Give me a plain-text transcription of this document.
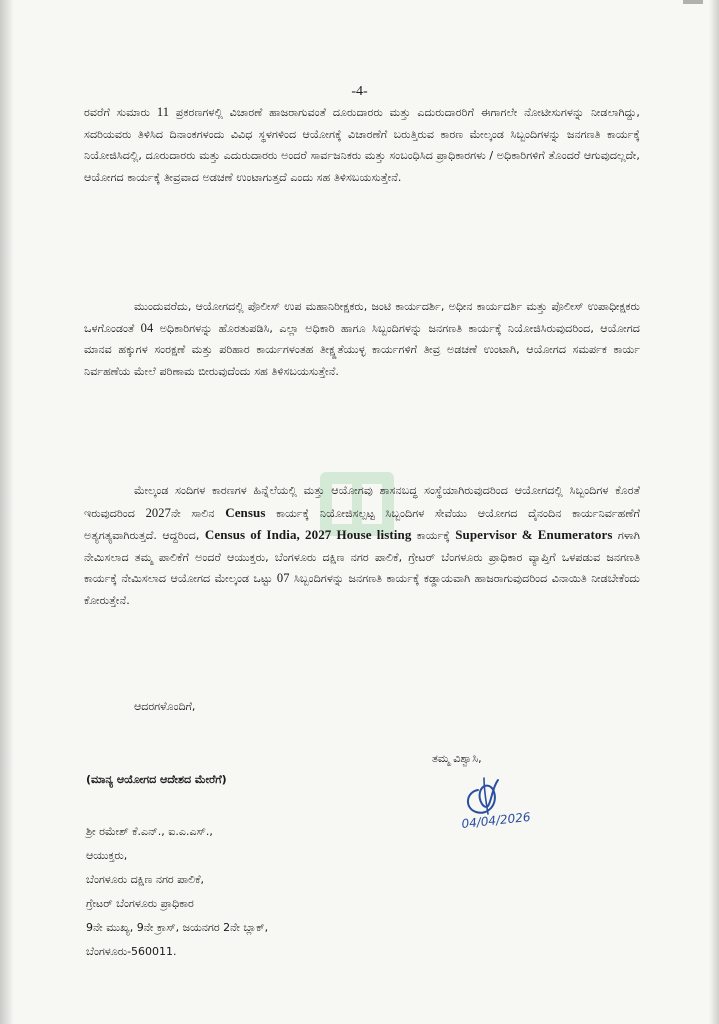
-4-

ರವರೆಗೆ ಸುಮಾರು 11 ಪ್ರಕರಣಗಳಲ್ಲಿ ವಿಚಾರಣೆ ಹಾಜರಾಗುವಂತೆ ದೂರುದಾರರು ಮತ್ತು ಎದುರುದಾರರಿಗೆ ಈಗಾಗಲೇ ನೋಟೀಸುಗಳನ್ನು ನೀಡಲಾಗಿದ್ದು, ಸದರಿಯವರು ತಿಳಿಸಿದ ದಿನಾಂಕಗಳಂದು ವಿವಿಧ ಸ್ಥಳಗಳಿಂದ ಆಯೋಗಕ್ಕೆ ವಿಚಾರಣೆಗೆ ಬರುತ್ತಿರುವ ಕಾರಣ ಮೇಲ್ಕಂಡ ಸಿಬ್ಬಂದಿಗಳನ್ನು ಜನಗಣತಿ ಕಾರ್ಯಕ್ಕೆ ನಿಯೋಜಿಸಿದಲ್ಲಿ, ದೂರುದಾರರು ಮತ್ತು ಎದುರುದಾರರು ಅಂದರೆ ಸಾರ್ವಜನಿಕರು ಮತ್ತು ಸಂಬಂಧಿಸಿದ ಪ್ರಾಧಿಕಾರಗಳು / ಅಧಿಕಾರಿಗಳಿಗೆ ತೊಂದರೆ ಆಗುವುದಲ್ಲದೇ, ಆಯೋಗದ ಕಾರ್ಯಕ್ಕೆ ತೀವ್ರವಾದ ಅಡಚಣೆ ಉಂಟಾಗುತ್ತದೆ ಎಂದು ಸಹ ತಿಳಿಸಬಯಸುತ್ತೇನೆ.

ಮುಂದುವರೆದು, ಆಯೋಗದಲ್ಲಿ ಪೊಲೀಸ್ ಉಪ ಮಹಾನಿರೀಕ್ಷಕರು, ಜಂಟಿ ಕಾರ್ಯದರ್ಶಿ, ಅಧೀನ ಕಾರ್ಯದರ್ಶಿ ಮತ್ತು ಪೊಲೀಸ್ ಉಪಾಧೀಕ್ಷಕರು ಒಳಗೊಂಡಂತೆ 04 ಅಧಿಕಾರಿಗಳನ್ನು ಹೊರತುಪಡಿಸಿ, ಎಲ್ಲಾ ಅಧಿಕಾರಿ ಹಾಗೂ ಸಿಬ್ಬಂದಿಗಳನ್ನು ಜನಗಣತಿ ಕಾರ್ಯಕ್ಕೆ ನಿಯೋಜಿಸಿರುವುದರಿಂದ, ಆಯೋಗದ ಮಾನವ ಹಕ್ಕುಗಳ ಸಂರಕ್ಷಣೆ ಮತ್ತು ಪರಿಹಾರ ಕಾರ್ಯಗಳಂತಹ ತೀಕ್ಷ್ಣತೆಯುಳ್ಳ ಕಾರ್ಯಗಳಿಗೆ ತೀವ್ರ ಅಡಚಣೆ ಉಂಟಾಗಿ, ಆಯೋಗದ ಸಮರ್ಪಕ ಕಾರ್ಯ ನಿರ್ವಹಣೆಯ ಮೇಲೆ ಪರಿಣಾಮ ಬೀರುವುದೆಂದು ಸಹ ತಿಳಿಸಬಯಸುತ್ತೇನೆ.

ಮೇಲ್ಕಂಡ ಸಂದಿಗಳ ಕಾರಣಗಳ ಹಿನ್ನೆಲೆಯಲ್ಲಿ ಮತ್ತು ಆಯೋಗವು ಶಾಸನಬದ್ಧ ಸಂಸ್ಥೆಯಾಗಿರುವುದರಿಂದ ಆಯೋಗದಲ್ಲಿ ಸಿಬ್ಬಂದಿಗಳ ಕೊರತೆ ಇರುವುದರಿಂದ 2027ನೇ ಸಾಲಿನ Census ಕಾರ್ಯಕ್ಕೆ ನಿಯೋಜಿಸಲ್ಪಟ್ಟ ಸಿಬ್ಬಂದಿಗಳ ಸೇವೆಯು ಆಯೋಗದ ದೈನಂದಿನ ಕಾರ್ಯನಿರ್ವಹಣೆಗೆ ಅತ್ಯಗತ್ಯವಾಗಿರುತ್ತದೆ. ಆದ್ದರಿಂದ, Census of India, 2027 House listing ಕಾರ್ಯಕ್ಕೆ Supervisor & Enumerators ಗಳಾಗಿ ನೇಮಿಸಲಾದ ತಮ್ಮ ಪಾಲಿಕೆಗೆ ಅಂದರೆ ಆಯುಕ್ತರು, ಬೆಂಗಳೂರು ದಕ್ಷಿಣ ನಗರ ಪಾಲಿಕೆ, ಗ್ರೇಟರ್ ಬೆಂಗಳೂರು ಪ್ರಾಧಿಕಾರ ವ್ಯಾಪ್ತಿಗೆ ಒಳಪಡುವ ಜನಗಣತಿ ಕಾರ್ಯಕ್ಕೆ ನೇಮಿಸಲಾದ ಆಯೋಗದ ಮೇಲ್ಕಂಡ ಒಟ್ಟು 07 ಸಿಬ್ಬಂದಿಗಳನ್ನು ಜನಗಣತಿ ಕಾರ್ಯಕ್ಕೆ ಕಡ್ಡಾಯವಾಗಿ ಹಾಜರಾಗುವುದರಿಂದ ವಿನಾಯಿತಿ ನೀಡಬೇಕೆಂದು ಕೋರುತ್ತೇನೆ.

ಆದರಗಳೊಂದಿಗೆ,
ತಮ್ಮ ವಿಶ್ವಾಸಿ,
(ಮಾನ್ಯ ಆಯೋಗದ ಆದೇಶದ ಮೇರೆಗೆ)
04/04/2026
ಶ್ರೀ ರಮೇಶ್ ಕೆ.ಎನ್., ಐ.ಎ.ಎಸ್.,
ಆಯುಕ್ತರು,
ಬೆಂಗಳೂರು ದಕ್ಷಿಣ ನಗರ ಪಾಲಿಕೆ,
ಗ್ರೇಟರ್ ಬೆಂಗಳೂರು ಪ್ರಾಧಿಕಾರ
9ನೇ ಮುಖ್ಯ, 9ನೇ ಕ್ರಾಸ್, ಜಯನಗರ 2ನೇ ಬ್ಲಾಕ್,
ಬೆಂಗಳೂರು-560011.
